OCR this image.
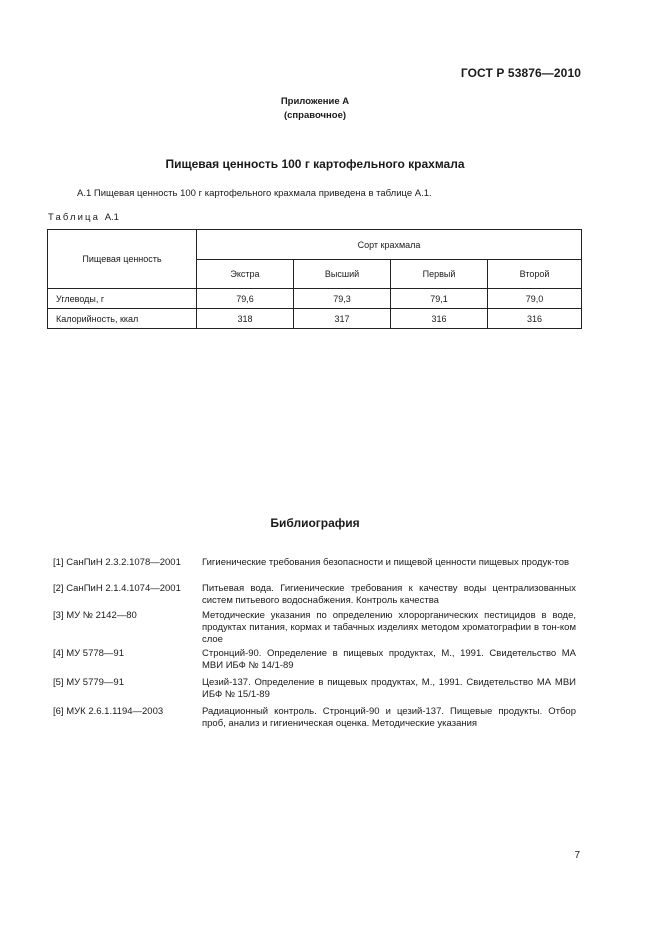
ГОСТ Р 53876—2010
Приложение А
(справочное)
Пищевая ценность 100 г картофельного крахмала
А.1 Пищевая ценность 100 г картофельного крахмала приведена в таблице А.1.
Таблица А.1
Пищевая ценность	Сорт крахмала			
	Экстра	Высший	Первый	Второй
Углеводы, г	79,6	79,3	79,1	79,0
Калорийность, ккал	318	317	316	316
Библиография
[1] СанПиН 2.3.2.1078—2001 Гигиенические требования безопасности и пищевой ценности пищевых продук-тов
[2] СанПиН 2.1.4.1074—2001 Питьевая вода. Гигиенические требования к качеству воды централизованных систем питьевого водоснабжения. Контроль качества
[3] МУ № 2142—80	Методические указания по определению хлорорганических пестицидов в воде, продуктах питания, кормах и табачных изделиях методом хроматографии в тон-ком слое
[4] МУ 5778—91	Стронций-90. Определение в пищевых продуктах, М., 1991. Свидетельство МА МВИ ИБФ № 14/1-89
[5] МУ 5779—91	Цезий-137. Определение в пищевых продуктах, М., 1991. Свидетельство МА МВИ ИБФ № 15/1-89
[6] МУК 2.6.1.1194—2003	Радиационный контроль. Стронций-90 и цезий-137. Пищевые продукты. Отбор проб, анализ и гигиеническая оценка. Методические указания
7
